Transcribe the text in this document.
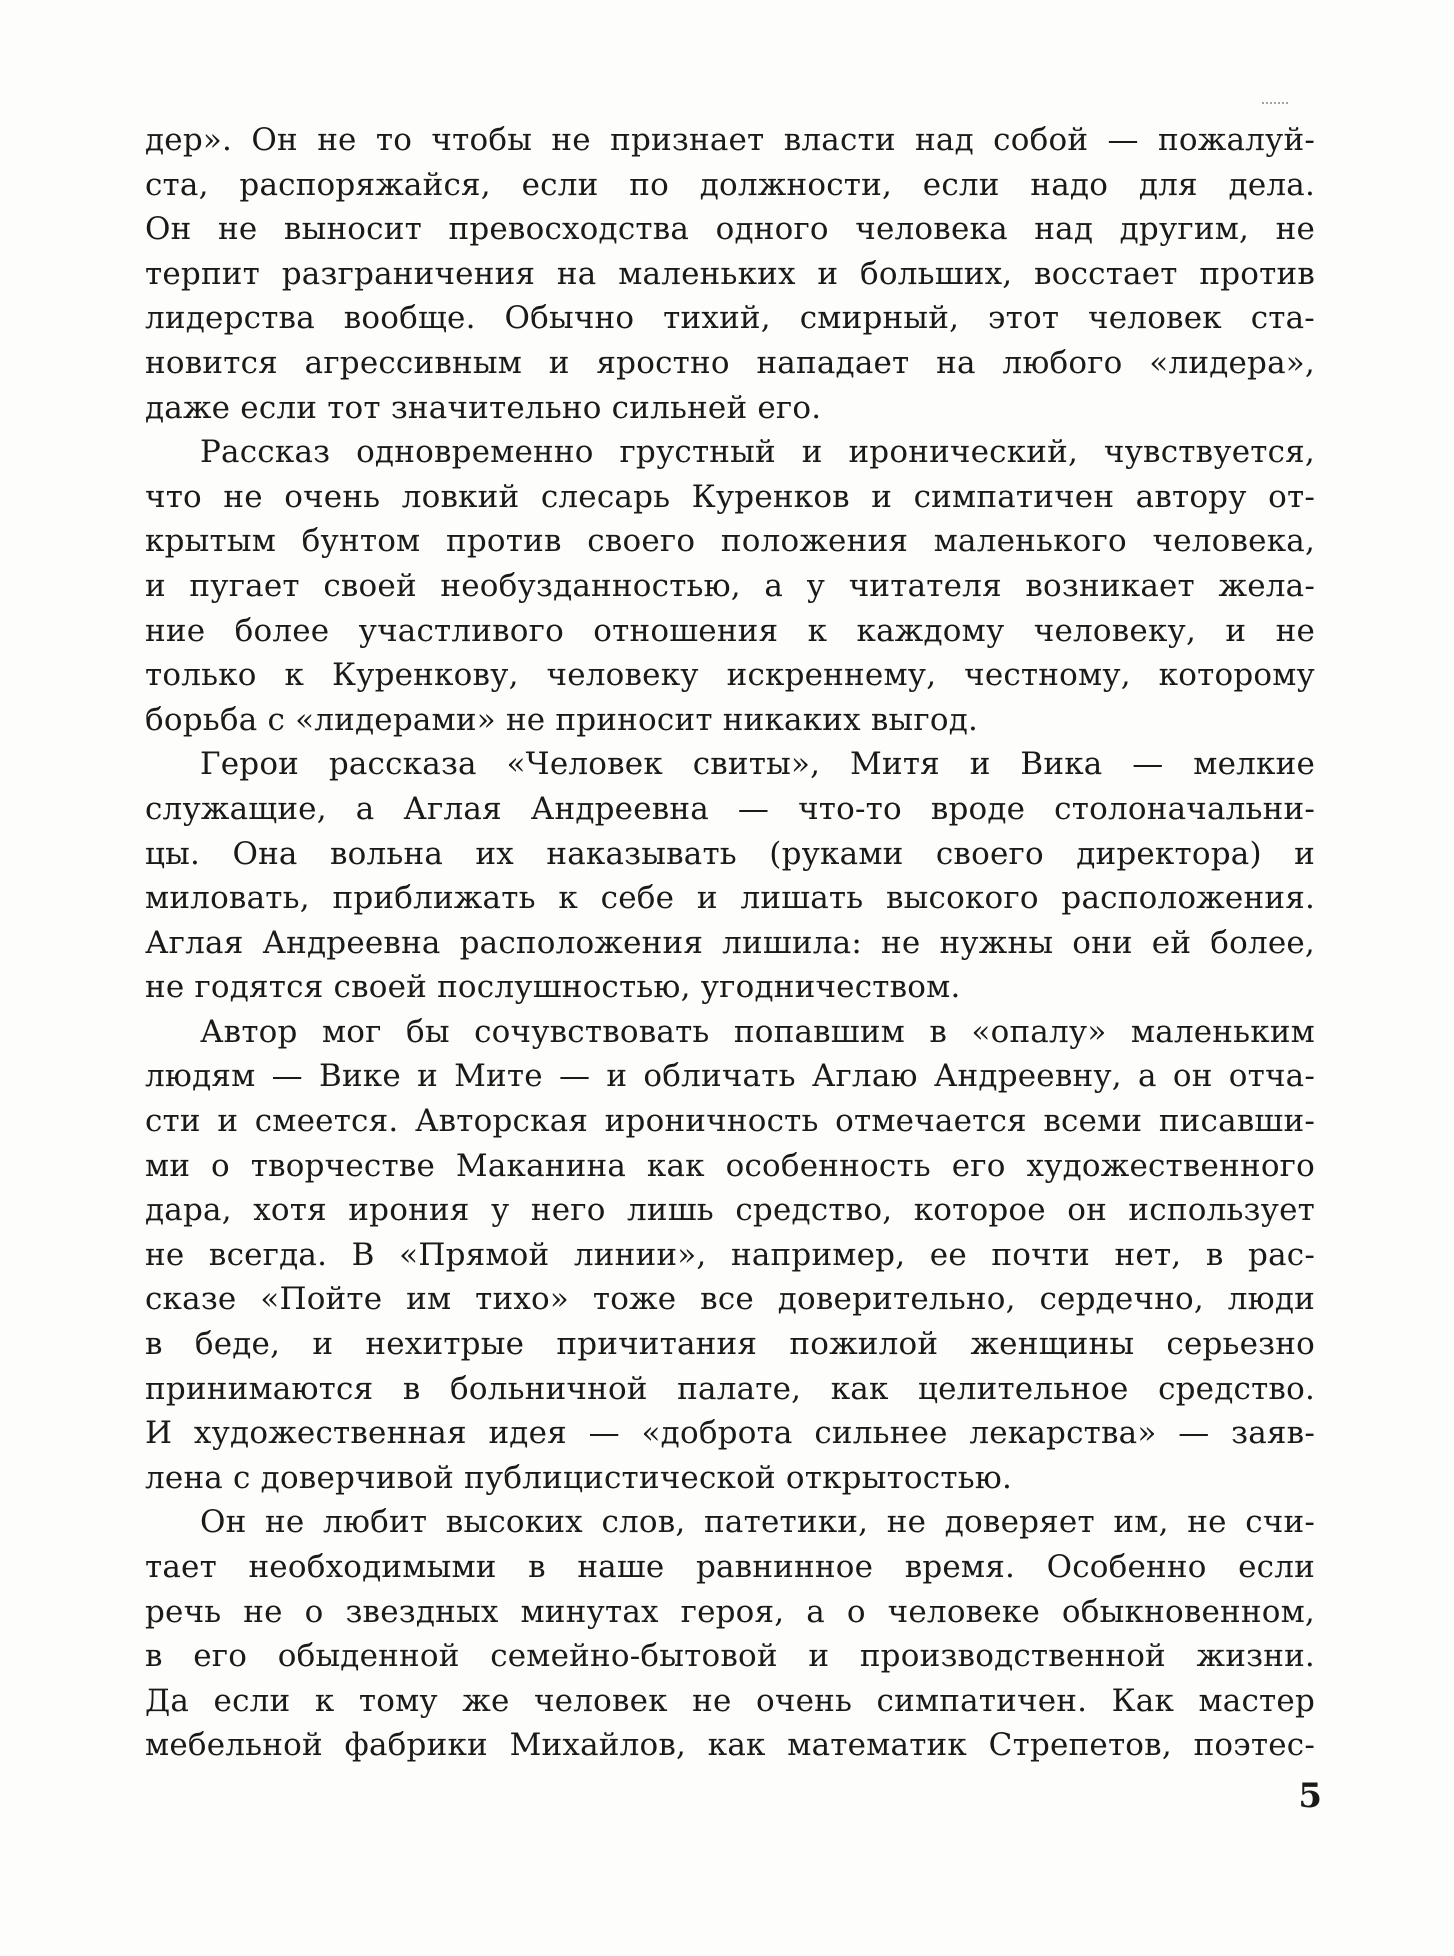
дер». Он не то чтобы не признает власти над собой — пожалуй-
ста, распоряжайся, если по должности, если надо для дела.
Он не выносит превосходства одного человека над другим, не
терпит разграничения на маленьких и больших, восстает против
лидерства вообще. Обычно тихий, смирный, этот человек ста-
новится агрессивным и яростно нападает на любого «лидера»,
даже если тот значительно сильней его.
Рассказ одновременно грустный и иронический, чувствуется,
что не очень ловкий слесарь Куренков и симпатичен автору от-
крытым бунтом против своего положения маленького человека,
и пугает своей необузданностью, а у читателя возникает жела-
ние более участливого отношения к каждому человеку, и не
только к Куренкову, человеку искреннему, честному, которому
борьба с «лидерами» не приносит никаких выгод.
Герои рассказа «Человек свиты», Митя и Вика — мелкие
служащие, а Аглая Андреевна — что-то вроде столоначальни-
цы. Она вольна их наказывать (руками своего директора) и
миловать, приближать к себе и лишать высокого расположения.
Аглая Андреевна расположения лишила: не нужны они ей более,
не годятся своей послушностью, угодничеством.
Автор мог бы сочувствовать попавшим в «опалу» маленьким
людям — Вике и Мите — и обличать Аглаю Андреевну, а он отча-
сти и смеется. Авторская ироничность отмечается всеми писавши-
ми о творчестве Маканина как особенность его художественного
дара, хотя ирония у него лишь средство, которое он использует
не всегда. В «Прямой линии», например, ее почти нет, в рас-
сказе «Пойте им тихо» тоже все доверительно, сердечно, люди
в беде, и нехитрые причитания пожилой женщины серьезно
принимаются в больничной палате, как целительное средство.
И художественная идея — «доброта сильнее лекарства» — заяв-
лена с доверчивой публицистической открытостью.
Он не любит высоких слов, патетики, не доверяет им, не счи-
тает необходимыми в наше равнинное время. Особенно если
речь не о звездных минутах героя, а о человеке обыкновенном,
в его обыденной семейно-бытовой и производственной жизни.
Да если к тому же человек не очень симпатичен. Как мастер
мебельной фабрики Михайлов, как математик Стрепетов, поэтес-
5
